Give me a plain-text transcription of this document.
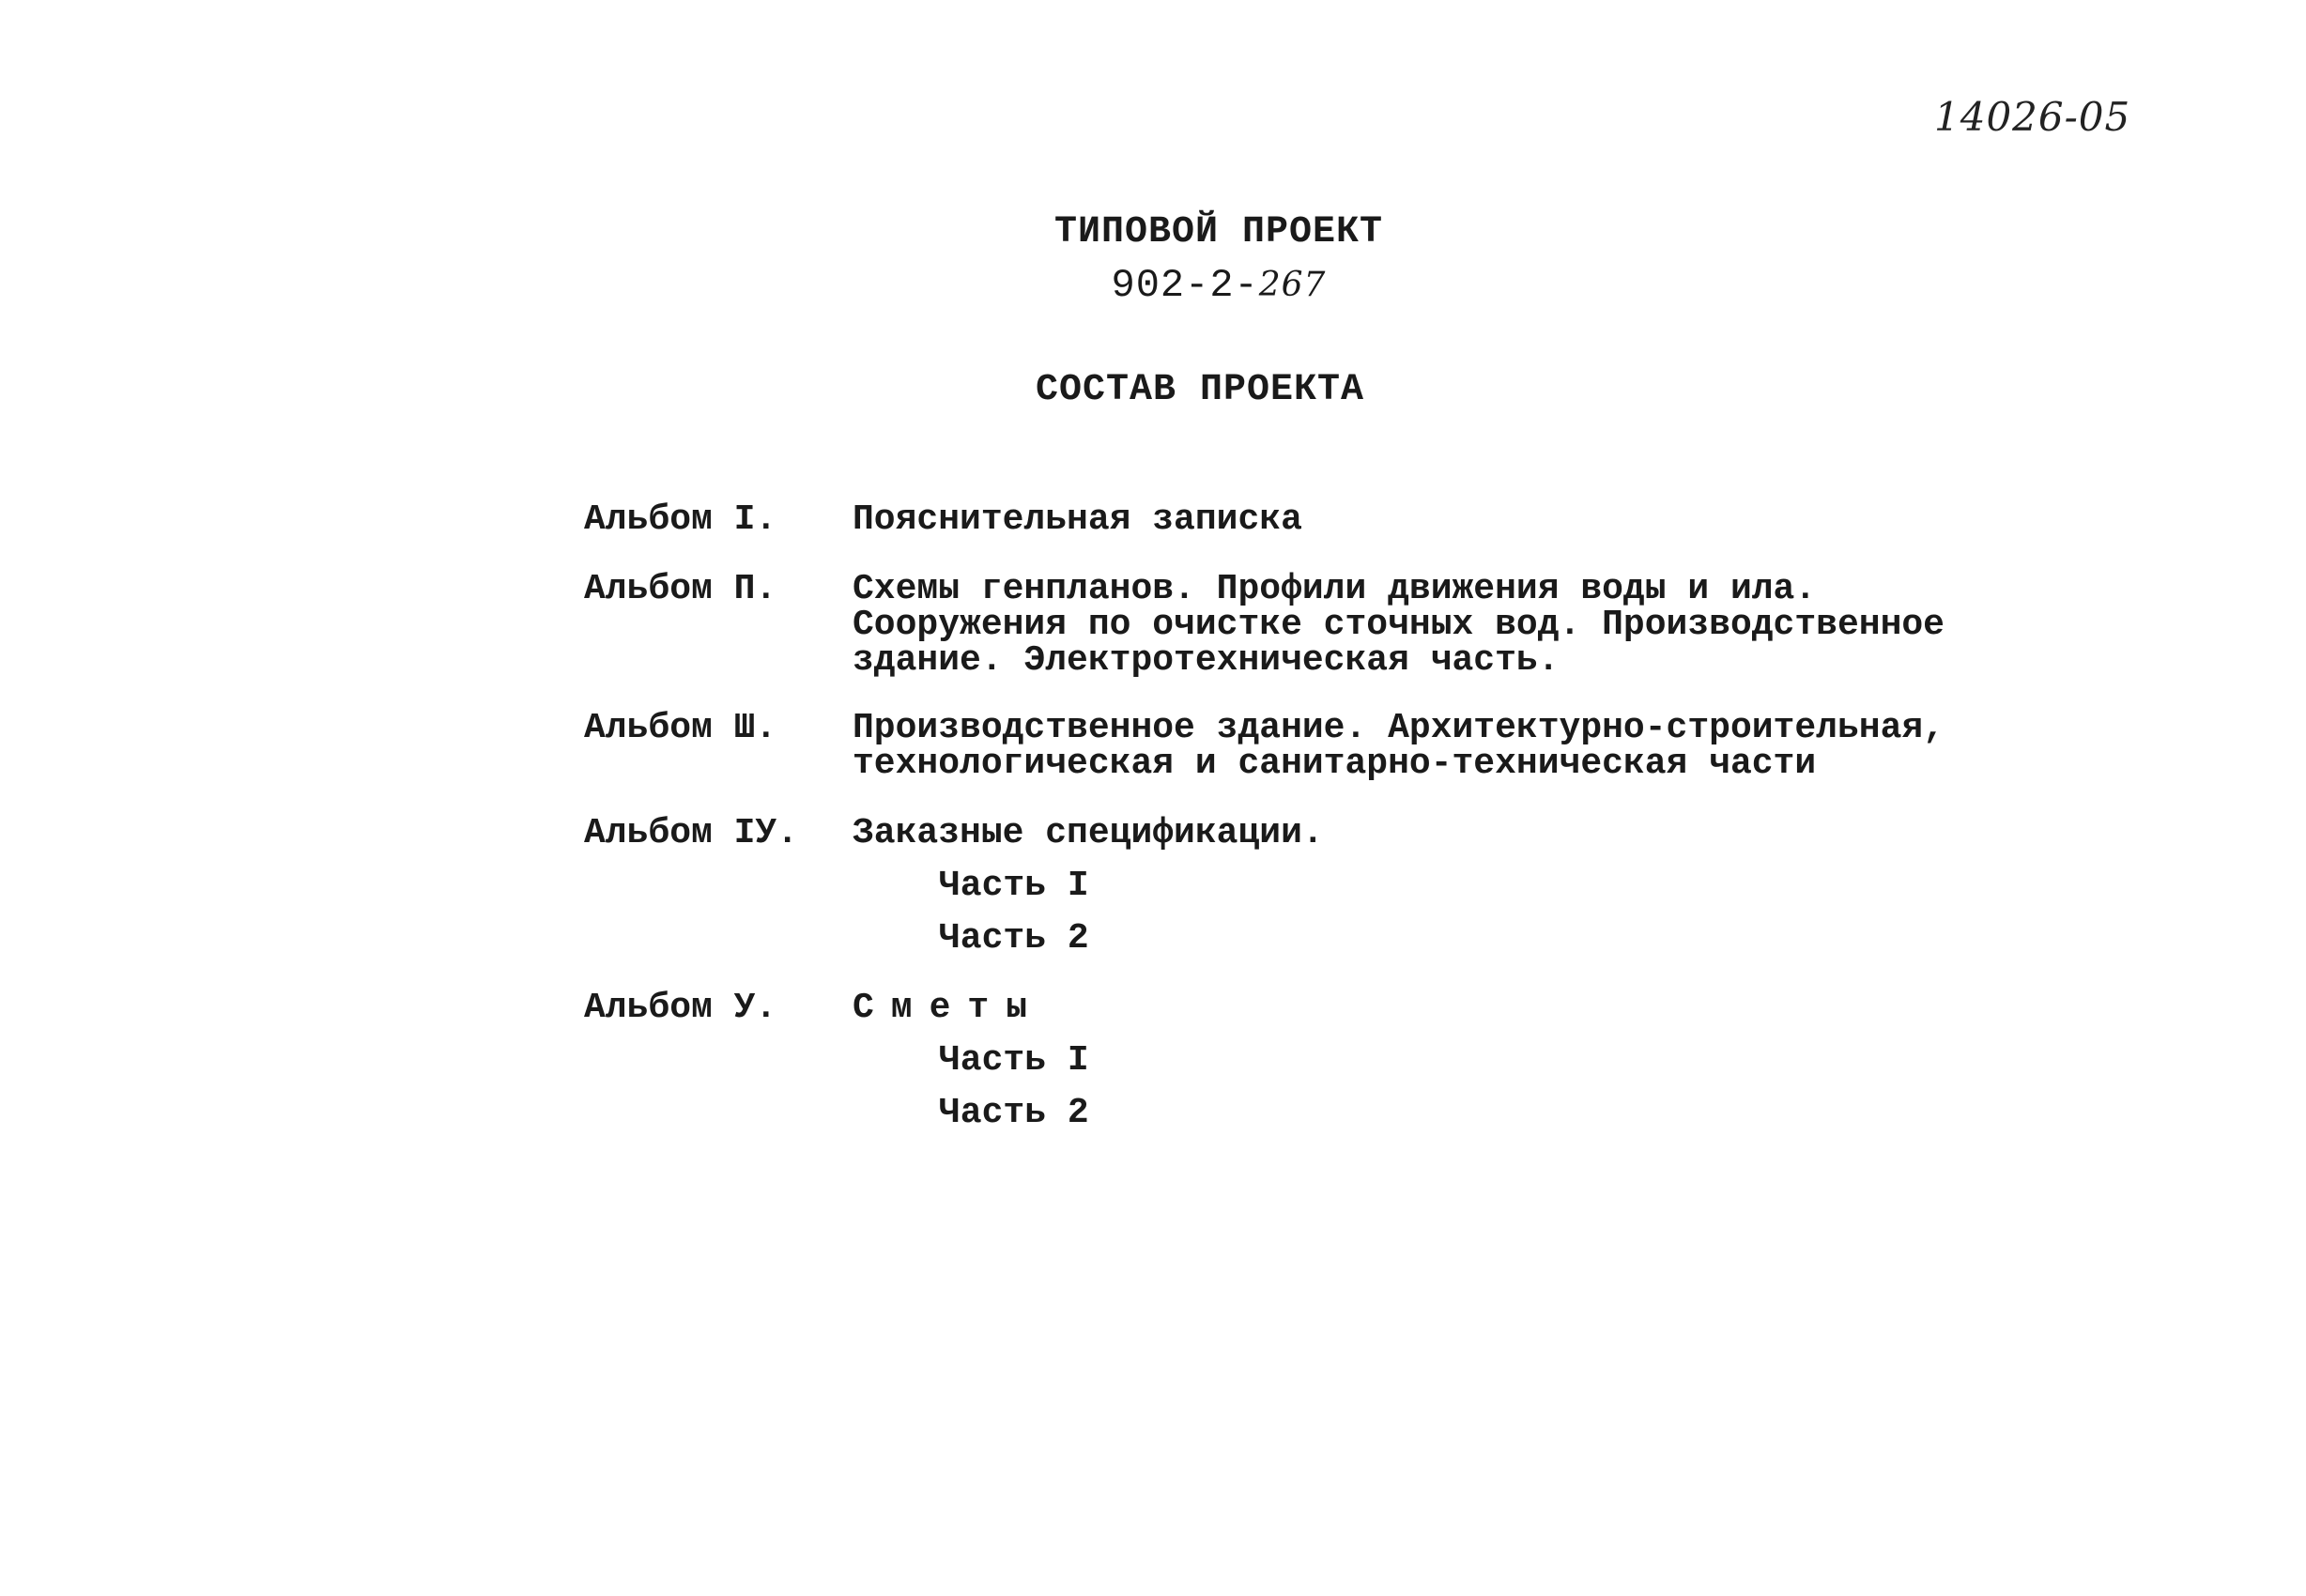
14026-05
ТИПОВОЙ ПРОЕКТ
902-2-267
СОСТАВ ПРОЕКТА
Альбом I.	Пояснительная записка
Альбом П.	Схемы генпланов. Профили движения воды и ила.
Сооружения по очистке сточных вод. Производственное
здание. Электротехническая часть.
Альбом Ш.	Производственное здание. Архитектурно-строительная,
технологическая и санитарно-техническая части
Альбом IУ.	Заказные спецификации.
Часть I
Часть 2
Альбом У.	Сметы
Часть I
Часть 2
